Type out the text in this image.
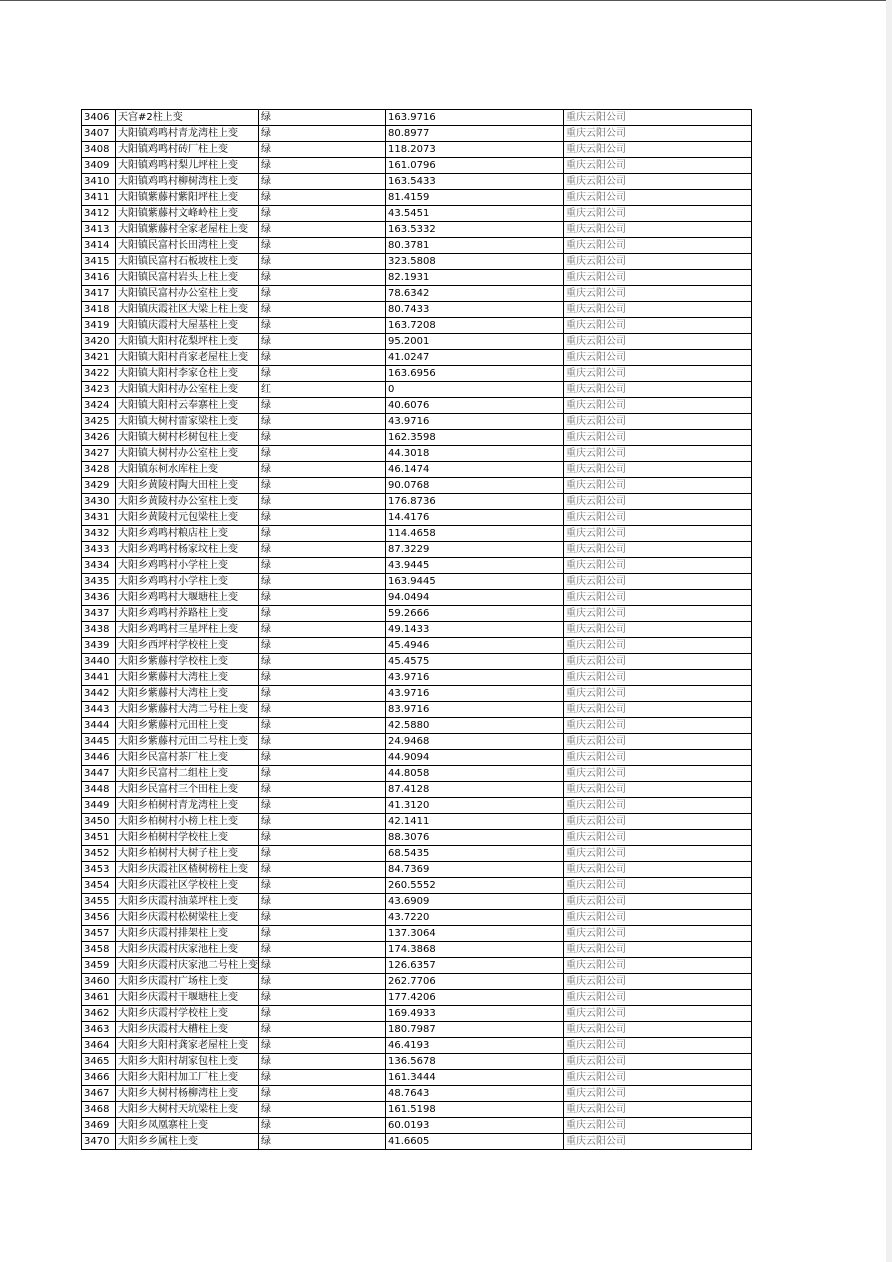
3406	天宫#2柱上变	绿	163.9716	重庆云阳公司
3407	大阳镇鸡鸣村青龙湾柱上变	绿	80.8977	重庆云阳公司
3408	大阳镇鸡鸣村砖厂柱上变	绿	118.2073	重庆云阳公司
3409	大阳镇鸡鸣村梨儿坪柱上变	绿	161.0796	重庆云阳公司
3410	大阳镇鸡鸣村柳树湾柱上变	绿	163.5433	重庆云阳公司
3411	大阳镇紫藤村紫阳坪柱上变	绿	81.4159	重庆云阳公司
3412	大阳镇紫藤村文峰岭柱上变	绿	43.5451	重庆云阳公司
3413	大阳镇紫藤村全家老屋柱上变	绿	163.5332	重庆云阳公司
3414	大阳镇民富村长田湾柱上变	绿	80.3781	重庆云阳公司
3415	大阳镇民富村石板坡柱上变	绿	323.5808	重庆云阳公司
3416	大阳镇民富村岩头上柱上变	绿	82.1931	重庆云阳公司
3417	大阳镇民富村办公室柱上变	绿	78.6342	重庆云阳公司
3418	大阳镇庆霞社区大梁上柱上变	绿	80.7433	重庆云阳公司
3419	大阳镇庆霞村大屋基柱上变	绿	163.7208	重庆云阳公司
3420	大阳镇大阳村花梨坪柱上变	绿	95.2001	重庆云阳公司
3421	大阳镇大阳村肖家老屋柱上变	绿	41.0247	重庆云阳公司
3422	大阳镇大阳村李家仓柱上变	绿	163.6956	重庆云阳公司
3423	大阳镇大阳村办公室柱上变	红	0	重庆云阳公司
3424	大阳镇大阳村云奉寨柱上变	绿	40.6076	重庆云阳公司
3425	大阳镇大树村雷家梁柱上变	绿	43.9716	重庆云阳公司
3426	大阳镇大树村杉树包柱上变	绿	162.3598	重庆云阳公司
3427	大阳镇大树村办公室柱上变	绿	44.3018	重庆云阳公司
3428	大阳镇东柯水库柱上变	绿	46.1474	重庆云阳公司
3429	大阳乡黄陵村陶大田柱上变	绿	90.0768	重庆云阳公司
3430	大阳乡黄陵村办公室柱上变	绿	176.8736	重庆云阳公司
3431	大阳乡黄陵村元包梁柱上变	绿	14.4176	重庆云阳公司
3432	大阳乡鸡鸣村粮店柱上变	绿	114.4658	重庆云阳公司
3433	大阳乡鸡鸣村杨家坟柱上变	绿	87.3229	重庆云阳公司
3434	大阳乡鸡鸣村小学柱上变	绿	43.9445	重庆云阳公司
3435	大阳乡鸡鸣村小学柱上变	绿	163.9445	重庆云阳公司
3436	大阳乡鸡鸣村大堰塘柱上变	绿	94.0494	重庆云阳公司
3437	大阳乡鸡鸣村养路柱上变	绿	59.2666	重庆云阳公司
3438	大阳乡鸡鸣村三星坪柱上变	绿	49.1433	重庆云阳公司
3439	大阳乡西坪村学校柱上变	绿	45.4946	重庆云阳公司
3440	大阳乡紫藤村学校柱上变	绿	45.4575	重庆云阳公司
3441	大阳乡紫藤村大湾柱上变	绿	43.9716	重庆云阳公司
3442	大阳乡紫藤村大湾柱上变	绿	43.9716	重庆云阳公司
3443	大阳乡紫藤村大湾二号柱上变	绿	83.9716	重庆云阳公司
3444	大阳乡紫藤村元田柱上变	绿	42.5880	重庆云阳公司
3445	大阳乡紫藤村元田二号柱上变	绿	24.9468	重庆云阳公司
3446	大阳乡民富村茶厂柱上变	绿	44.9094	重庆云阳公司
3447	大阳乡民富村二组柱上变	绿	44.8058	重庆云阳公司
3448	大阳乡民富村三个田柱上变	绿	87.4128	重庆云阳公司
3449	大阳乡柏树村青龙湾柱上变	绿	41.3120	重庆云阳公司
3450	大阳乡柏树村小榜上柱上变	绿	42.1411	重庆云阳公司
3451	大阳乡柏树村学校柱上变	绿	88.3076	重庆云阳公司
3452	大阳乡柏树村大树子柱上变	绿	68.5435	重庆云阳公司
3453	大阳乡庆霞社区楂树榜柱上变	绿	84.7369	重庆云阳公司
3454	大阳乡庆霞社区学校柱上变	绿	260.5552	重庆云阳公司
3455	大阳乡庆霞村油菜坪柱上变	绿	43.6909	重庆云阳公司
3456	大阳乡庆霞村松树梁柱上变	绿	43.7220	重庆云阳公司
3457	大阳乡庆霞村排架柱上变	绿	137.3064	重庆云阳公司
3458	大阳乡庆霞村庆家池柱上变	绿	174.3868	重庆云阳公司
3459	大阳乡庆霞村庆家池二号柱上变	绿	126.6357	重庆云阳公司
3460	大阳乡庆霞村广场柱上变	绿	262.7706	重庆云阳公司
3461	大阳乡庆霞村干堰塘柱上变	绿	177.4206	重庆云阳公司
3462	大阳乡庆霞村学校柱上变	绿	169.4933	重庆云阳公司
3463	大阳乡庆霞村大槽柱上变	绿	180.7987	重庆云阳公司
3464	大阳乡大阳村龚家老屋柱上变	绿	46.4193	重庆云阳公司
3465	大阳乡大阳村胡家包柱上变	绿	136.5678	重庆云阳公司
3466	大阳乡大阳村加工厂柱上变	绿	161.3444	重庆云阳公司
3467	大阳乡大树村杨柳湾柱上变	绿	48.7643	重庆云阳公司
3468	大阳乡大树村天坑梁柱上变	绿	161.5198	重庆云阳公司
3469	大阳乡凤凰寨柱上变	绿	60.0193	重庆云阳公司
3470	大阳乡乡属柱上变	绿	41.6605	重庆云阳公司
